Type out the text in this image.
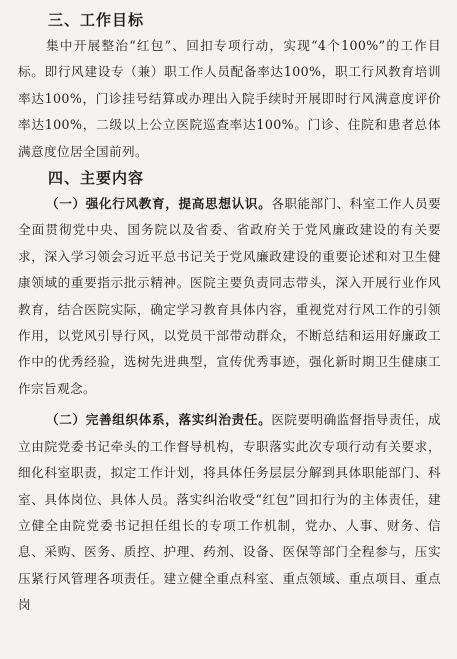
三、工作目标

集中开展整治“红包”、回扣专项行动，实现“4个100%”的工作目标。即行风建设专（兼）职工作人员配备率达100%，职工行风教育培训率达100%，门诊挂号结算或办理出入院手续时开展即时行风满意度评价率达100%，二级以上公立医院巡查率达100%。门诊、住院和患者总体满意度位居全国前列。

四、主要内容

（一）强化行风教育，提高思想认识。各职能部门、科室工作人员要全面贯彻党中央、国务院以及省委、省政府关于党风廉政建设的有关要求，深入学习领会习近平总书记关于党风廉政建设的重要论述和对卫生健康领域的重要指示批示精神。医院主要负责同志带头，深入开展行业作风教育，结合医院实际，确定学习教育具体内容，重视党对行风工作的引领作用，以党风引导行风，以党员干部带动群众，不断总结和运用好廉政工作中的优秀经验，选树先进典型，宣传优秀事迹，强化新时期卫生健康工作宗旨观念。

（二）完善组织体系，落实纠治责任。医院要明确监督指导责任，成立由院党委书记牵头的工作督导机构，专职落实此次专项行动有关要求，细化科室职责，拟定工作计划，将具体任务层层分解到具体职能部门、科室、具体岗位、具体人员。落实纠治收受“红包”回扣行为的主体责任，建立健全由院党委书记担任组长的专项工作机制，党办、人事、财务、信息、采购、医务、质控、护理、药剂、设备、医保等部门全程参与，压实压紧行风管理各项责任。建立健全重点科室、重点领域、重点项目、重点岗
